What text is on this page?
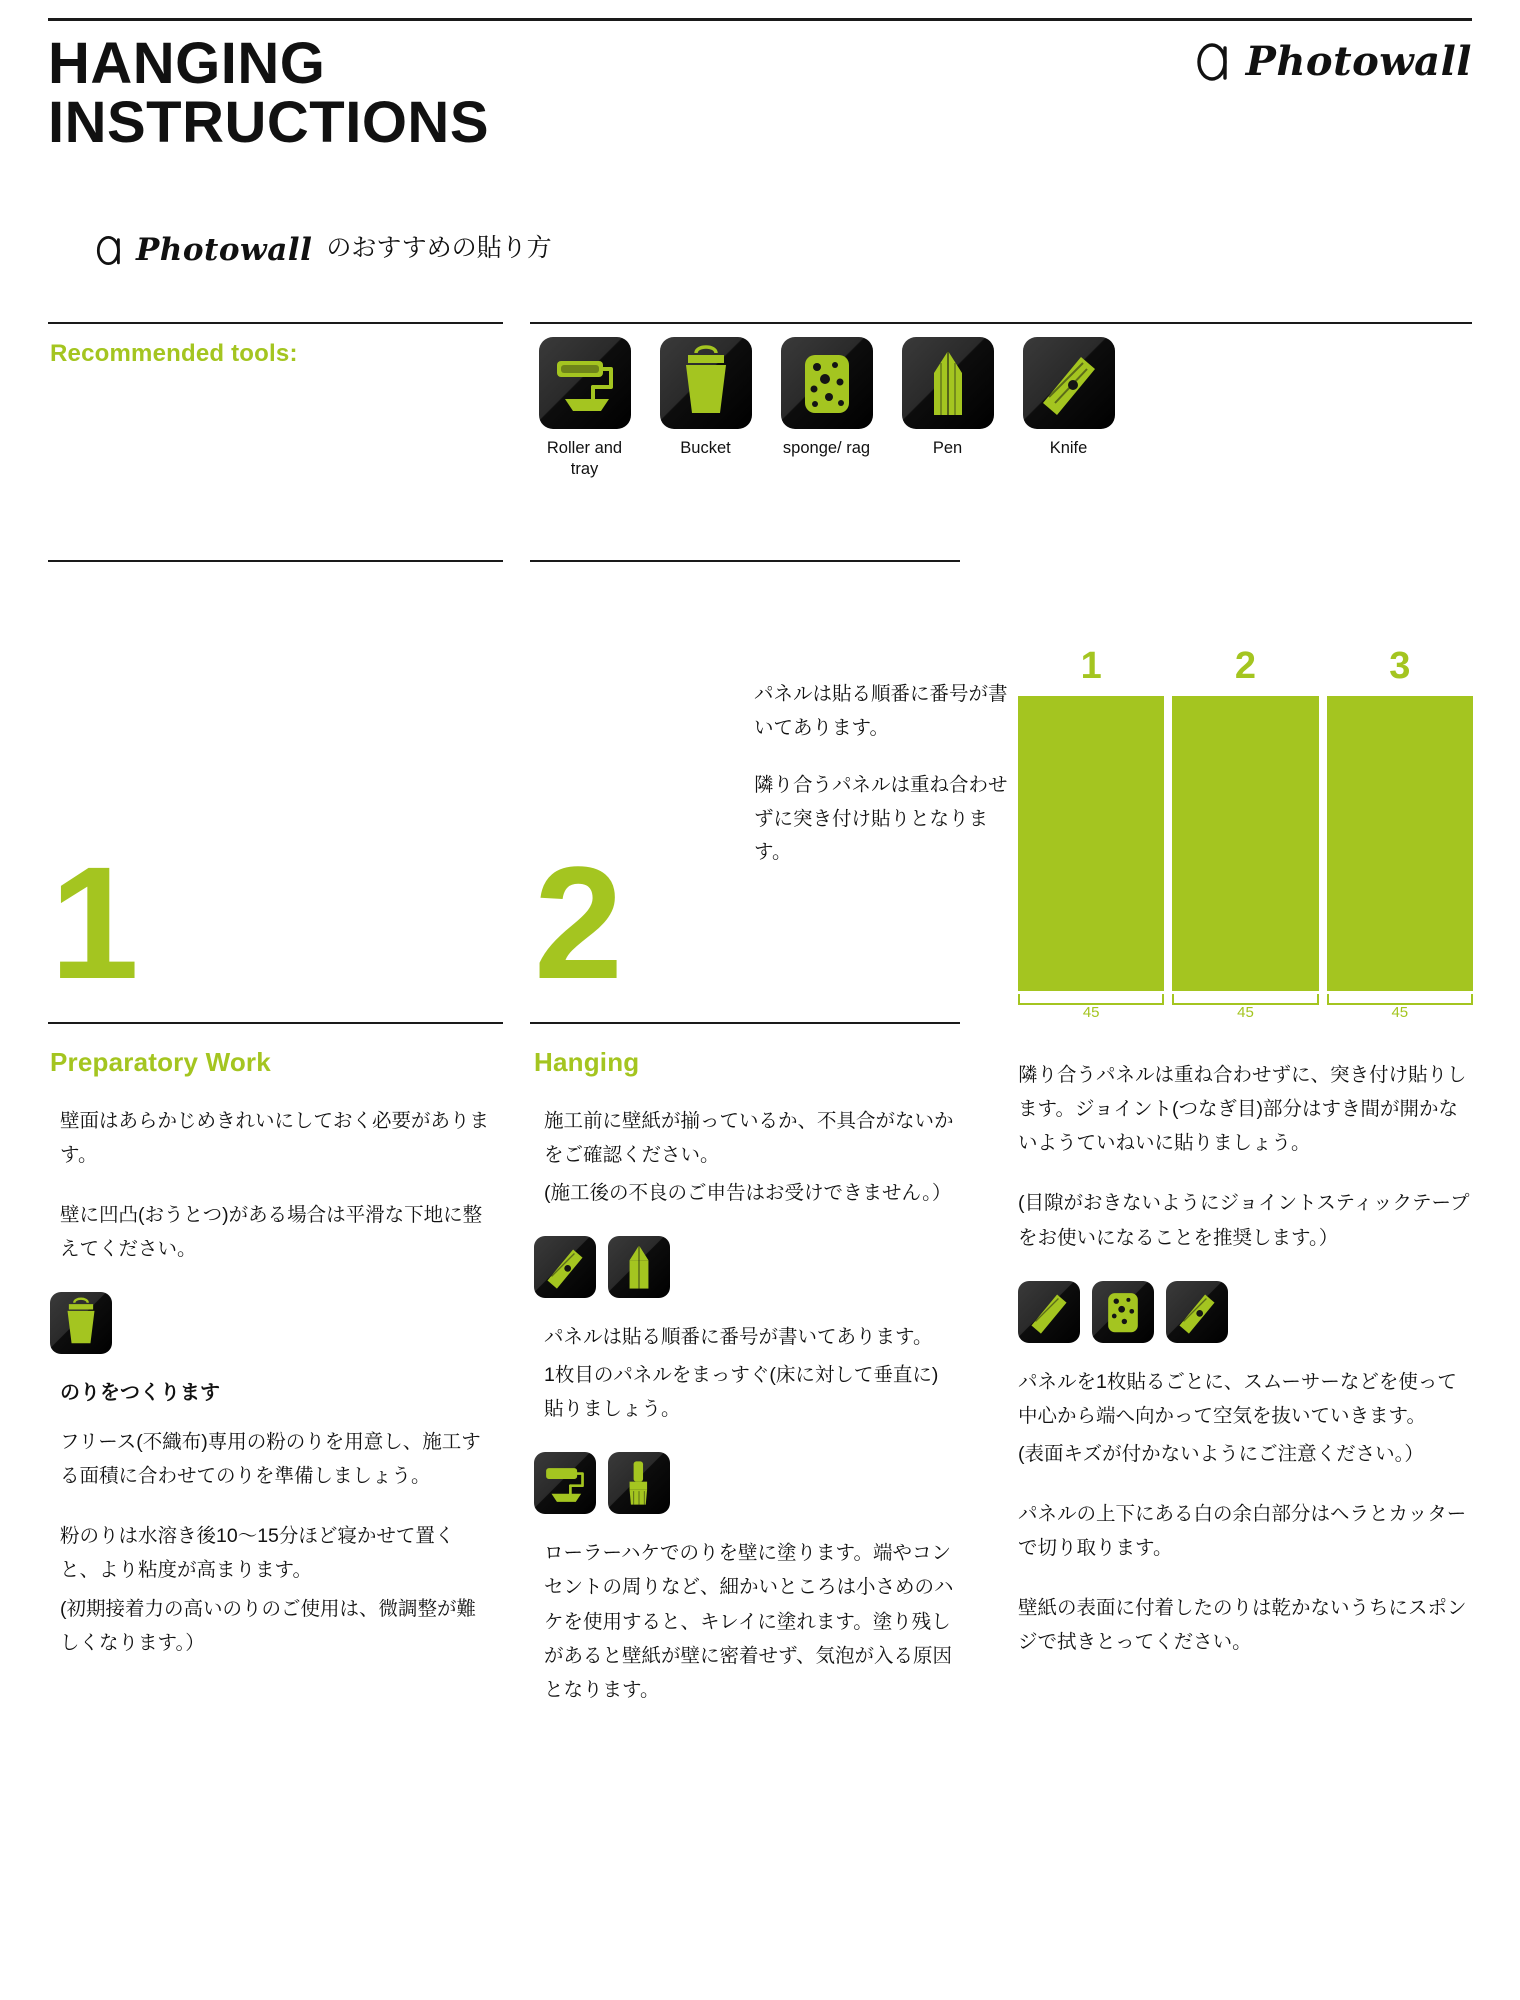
HANGING
INSTRUCTIONS
Photowall
Photowall のおすすめの貼り方
Recommended tools:
Roller and tray
Bucket	sponge/ rag	Pen	Knife

パネルは貼る順番に番号が書いてあります。

隣り合うパネルは重ね合わせずに突き付け貼りとなります。

1	2	3
45	45	45
1 2
Preparatory Work

壁面はあらかじめきれいにしておく必要があります。

壁に凹凸(おうとつ)がある場合は平滑な下地に整えてください。

のりをつくります

フリース(不織布)専用の粉のりを用意し、施工する面積に合わせてのりを準備しましょう。

粉のりは水溶き後10〜15分ほど寝かせて置くと、より粘度が高まります。

(初期接着力の高いのりのご使用は、微調整が難しくなります。）

Hanging

施工前に壁紙が揃っているか、不具合がないかをご確認ください。

(施工後の不良のご申告はお受けできません。）

パネルは貼る順番に番号が書いてあります。

1枚目のパネルをまっすぐ(床に対して垂直に)貼りましょう。

ローラーハケでのりを壁に塗ります。端やコンセントの周りなど、細かいところは小さめのハケを使用すると、キレイに塗れます。塗り残しがあると壁紙が壁に密着せず、気泡が入る原因となります。

隣り合うパネルは重ね合わせずに、突き付け貼りします。ジョイント(つなぎ目)部分はすき間が開かないようていねいに貼りましょう。

(目隙がおきないようにジョイントスティックテープをお使いになることを推奨します。）

パネルを1枚貼るごとに、スムーサーなどを使って中心から端へ向かって空気を抜いていきます。

(表面キズが付かないようにご注意ください。）

パネルの上下にある白の余白部分はヘラとカッターで切り取ります。

壁紙の表面に付着したのりは乾かないうちにスポンジで拭きとってください。
